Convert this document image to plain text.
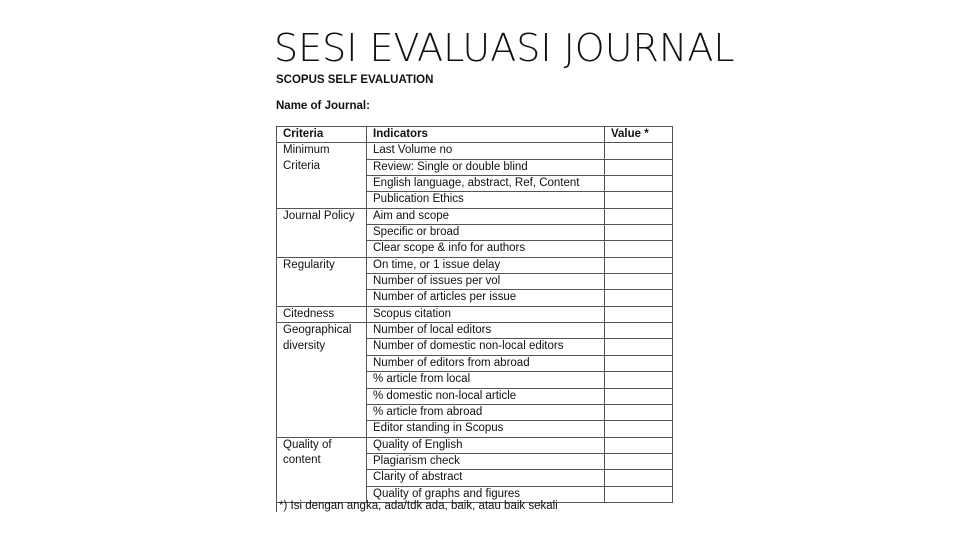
SESI EVALUASI JOURNAL
SCOPUS SELF EVALUATION
Name of Journal:
Criteria	Indicators	Value *
Minimum	Last Volume no	
Criteria	Review: Single or double blind	
	English language, abstract, Ref, Content	
	Publication Ethics	
Journal Policy	Aim and scope	
	Specific or broad	
	Clear scope & info for authors	
Regularity	On time, or 1 issue delay	
	Number of issues per vol	
	Number of articles per issue	
Citedness	Scopus citation	
Geographical	Number of local editors	
diversity	Number of domestic non-local editors	
	Number of editors from abroad	
	% article from local	
	% domestic non-local article	
	% article from abroad	
	Editor standing in Scopus	
Quality of	Quality of English	
content	Plagiarism check	
	Clarity of abstract	
	Quality of graphs and figures	
*) Isi dengan angka, ada/tdk ada, baik, atau baik sekali
